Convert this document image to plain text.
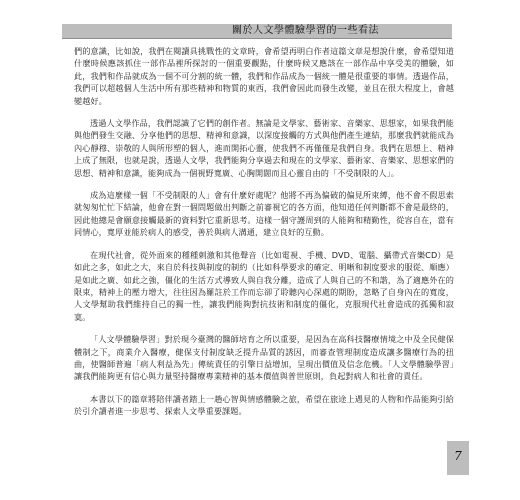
關於人文學體驗學習的一些看法

們的意識，比如說，我們在閱讀具挑戰性的文章時，會希望再明白作者這篇文章是想說什麼，會希望知道什麼時候應該抓住一部作品裡所探討的一個重要觀點，什麼時候又應該在一部作品中享受美的體驗，如此，我們和作品就成為一個不可分割的統一體，我們和作品成為一個統一體是很重要的事情。透過作品，我們可以超越個人生活中所有那些精神和物質的東西，我們會因此而發生改變，並且在很大程度上，會越變越好。

透過人文學作品，我們認識了它們的創作者。無論是文學家、藝術家、音樂家、思想家，如果我們能與他們發生交融、分享他們的思想、精神和意識，以深度接觸的方式與他們產生連結，那麼我們就能成為內心靜穆、崇敬的人與所形塑的個人，進而開拓心靈，使我們不再僅僅是我們自身。我們在思想上、精神上成了無限，也就是說，透過人文學，我們能夠分享過去和現在的文學家、藝術家、音樂家、思想家們的思想、精神和意識，能夠成為一個視野寬廣、心胸開闊而且心靈自由的「不受制限的人」。

成為這麼樣一個「不受制限的人」會有什麼好處呢？他將不再為偏破的偏見所束縛，他不會不假思索就匆匆忙忙下結論，他會在對一個問題做出判斷之前審視它的各方面，他知道任何判斷都不會是最終的，因此他總是會願意接觸最新的資料對它重新思考。這樣一個守護周到的人能夠和精勤性，從容自在，當有同情心，寬厚並能於病人的感受，善於與病人溝通，建立良好的互動。

在現代社會，從外面來的種種刺激和其他聲音（比如電視、手機、DVD、電腦、攝帶式音樂CD）是如此之多，如此之大，來自於科技與制度的制約（比如科學要求的確定、明晰和制度要求的服從、順應）是如此之廣、如此之強，僵化的生活方式導致人與自我分離，造成了人與自己的不和諧，為了適應外在的限束，精神上的壓力增大，往往因為羅註於工作而忘卻了聆聽內心深處的期盼，忽略了自身內在的寬度，人文學幫助我們維持自己的獨一性，讓我們能夠對抗技術和制度的僵化，克服現代社會造成的孤獨和寂寞。

「人文學體驗學習」對於現今臺灣的醫師培育之所以重要，是因為在高科技醫療情境之中及全民健保體制之下，商業介入醫療，健保支付制度缺乏提升品質的誘因，而審查管理制度造成讓多醫療行為的扭曲，使醫師普遍「病人利益為先」傳統責任的引擎日益增加，呈現出價值及信念危機。「人文學體驗學習」讓我們能夠更有信心與力量堅持醫療專業精神的基本價值與普世原則，負起對病人和社會的責任。

本書以下的篇章將陪伴讀者踏上一趟心智與情感體驗之旅，希望在旅途上遇見的人物和作品能夠引給於引介讀者進一步思考、探索人文學重要課題。

7
